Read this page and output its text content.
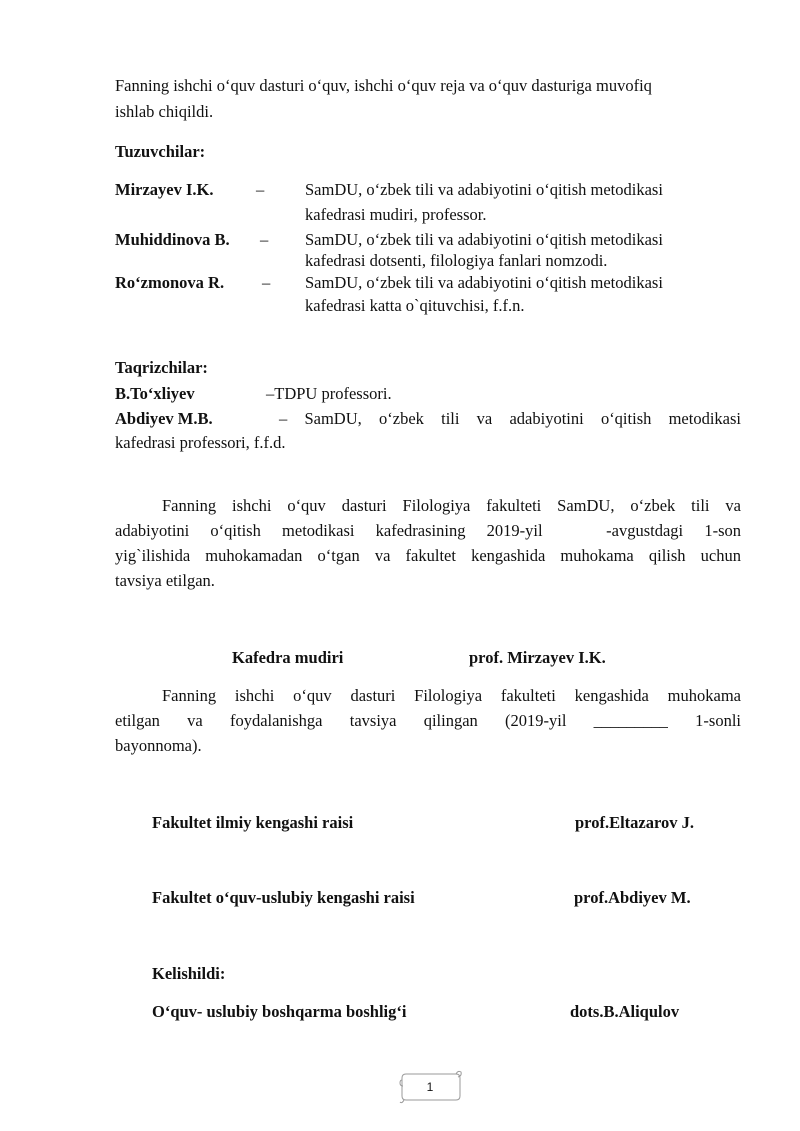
Fanning ishchi o‘quv dasturi o‘quv, ishchi o‘quv reja va o‘quv dasturiga muvofiq
ishlab chiqildi.
Tuzuvchilar:
Mirzayev I.K.	– SamDU, o‘zbek tili va adabiyotini o‘qitish metodikasi
kafedrasi mudiri, professor.
Muhiddinova B. – SamDU, o‘zbek tili va adabiyotini o‘qitish metodikasi
kafedrasi dotsenti, filologiya fanlari nomzodi.
Ro‘zmonova R. – SamDU, o‘zbek tili va adabiyotini o‘qitish metodikasi
kafedrasi katta o`qituvchisi, f.f.n.
Taqrizchilar:
B.To‘xliyev	–TDPU professori.
Abdiyev M.B.	– SamDU, o‘zbek tili va adabiyotini o‘qitish metodikasi
kafedrasi professori, f.f.d.
Fanning ishchi o‘quv dasturi Filologiya fakulteti SamDU, o‘zbek tili va
adabiyotini o‘qitish metodikasi kafedrasining 2019-yil   -avgustdagi 1-son
yig`ilishida muhokamadan o‘tgan va fakultet kengashida muhokama qilish uchun
tavsiya etilgan.
Kafedra mudiri	prof. Mirzayev I.K.
Fanning ishchi o‘quv dasturi Filologiya fakulteti kengashida muhokama
etilgan va foydalanishga tavsiya qilingan (2019-yil _________ 1-sonli
bayonnoma).
Fakultet ilmiy kengashi raisi	prof.Eltazarov J.
Fakultet o‘quv-uslubiy kengashi raisi	prof.Abdiyev M.
Kelishildi:
O‘quv- uslubiy boshqarma boshlig‘i	dots.B.Aliqulov
1
